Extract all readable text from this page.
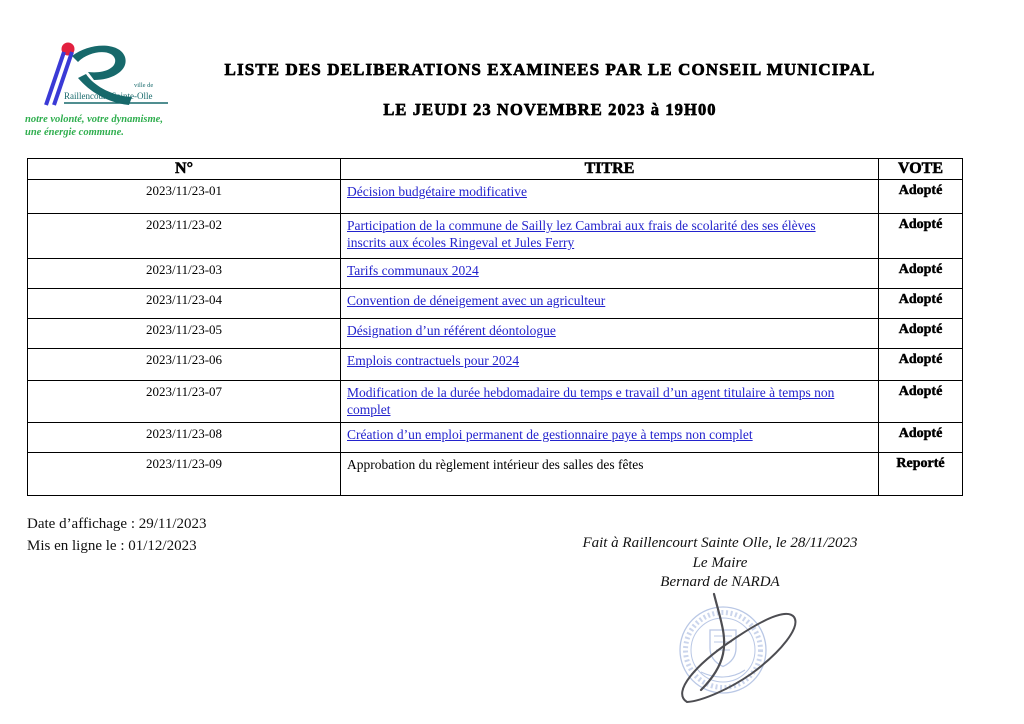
ville de
Raillencourt-Sainte-Olle
notre volonté, votre dynamisme,
une énergie commune.
LISTE DES DELIBERATIONS EXAMINEES PAR LE CONSEIL MUNICIPAL
LE JEUDI 23 NOVEMBRE 2023 à 19H00
N°	TITRE	VOTE
2023/11/23-01	Décision budgétaire modificative	Adopté
2023/11/23-02	Participation de la commune de Sailly lez Cambrai aux frais de scolarité des ses élèves inscrits aux écoles Ringeval et Jules Ferry	Adopté
2023/11/23-03	Tarifs communaux 2024	Adopté
2023/11/23-04	Convention de déneigement avec un agriculteur	Adopté
2023/11/23-05	Désignation d’un référent déontologue	Adopté
2023/11/23-06	Emplois contractuels pour 2024	Adopté
2023/11/23-07	Modification de la durée hebdomadaire du temps e travail d’un agent titulaire à temps non complet	Adopté
2023/11/23-08	Création d’un emploi permanent de gestionnaire paye à temps non complet	Adopté
2023/11/23-09	Approbation du règlement intérieur des salles des fêtes	Reporté
Date d’affichage : 29/11/2023
Mis en ligne le : 01/12/2023	Fait à Raillencourt Sainte Olle, le 28/11/2023
Le Maire
Bernard de NARDA
